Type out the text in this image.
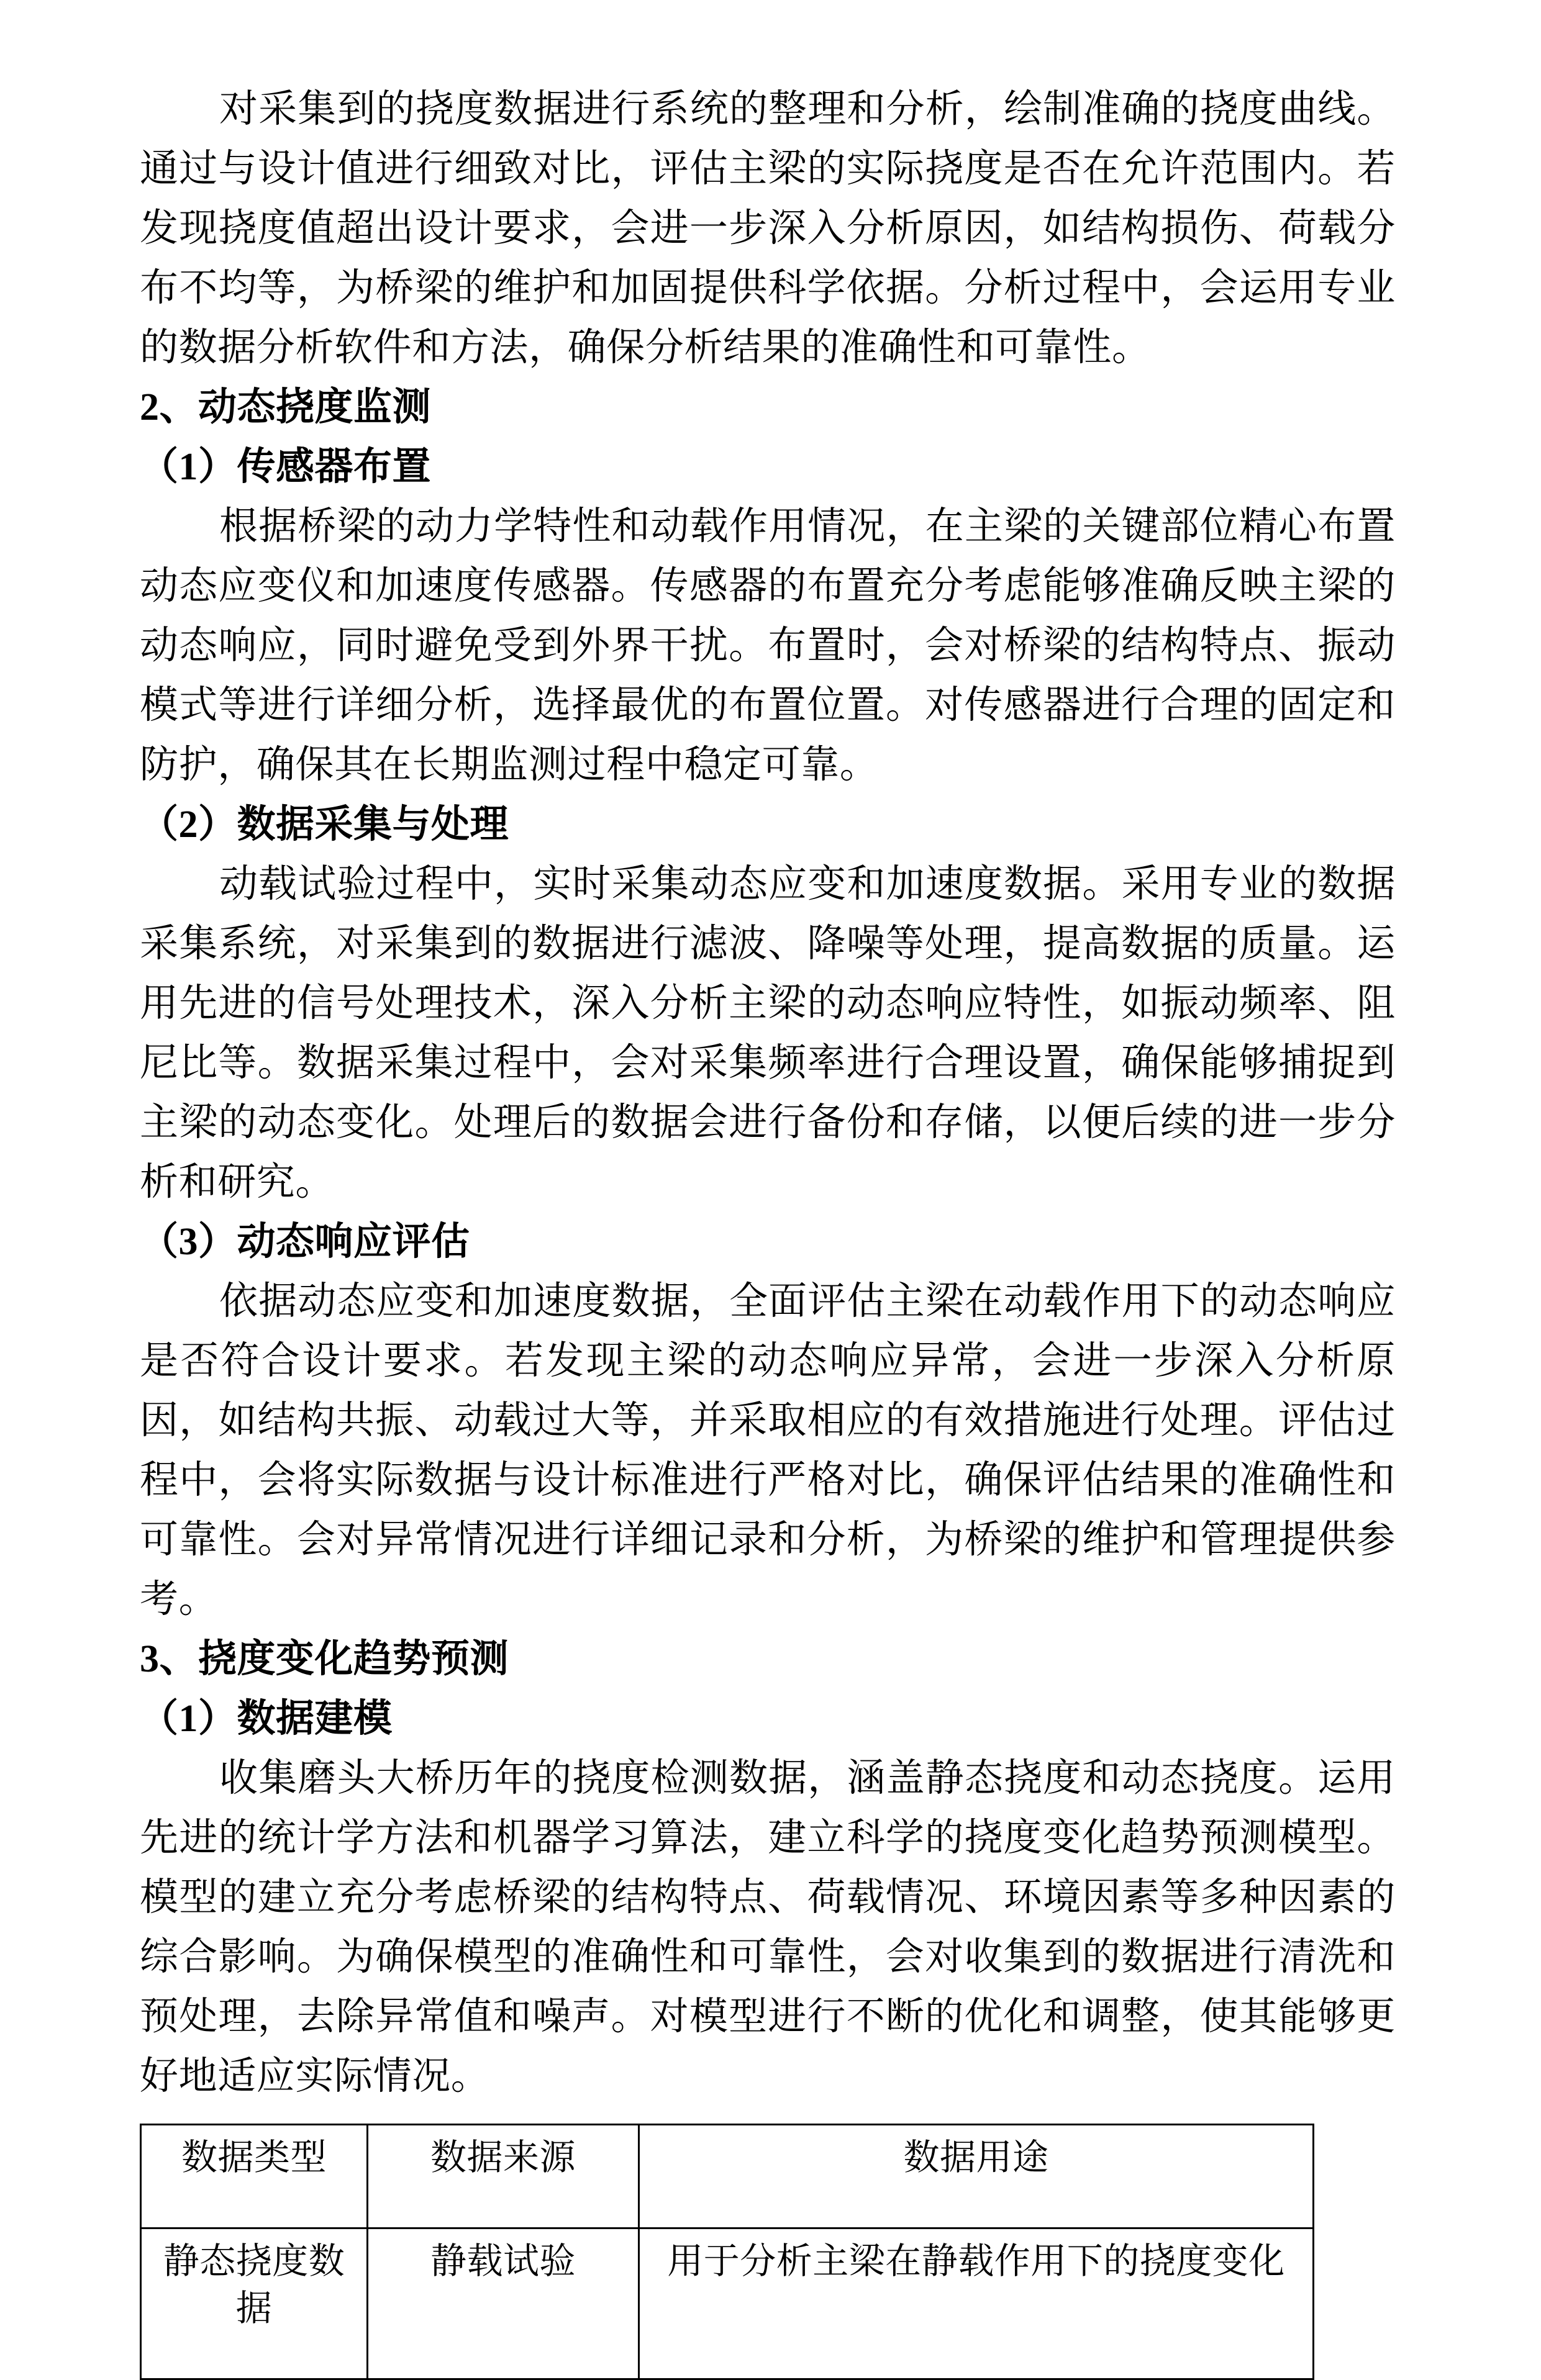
对采集到的挠度数据进行系统的整理和分析，绘制准确的挠度曲线。通过与设计值进行细致对比，评估主梁的实际挠度是否在允许范围内。若发现挠度值超出设计要求，会进一步深入分析原因，如结构损伤、荷载分布不均等，为桥梁的维护和加固提供科学依据。分析过程中，会运用专业的数据分析软件和方法，确保分析结果的准确性和可靠性。

2、动态挠度监测

（1）传感器布置

根据桥梁的动力学特性和动载作用情况，在主梁的关键部位精心布置动态应变仪和加速度传感器。传感器的布置充分考虑能够准确反映主梁的动态响应，同时避免受到外界干扰。布置时，会对桥梁的结构特点、振动模式等进行详细分析，选择最优的布置位置。对传感器进行合理的固定和防护，确保其在长期监测过程中稳定可靠。

（2）数据采集与处理

动载试验过程中，实时采集动态应变和加速度数据。采用专业的数据采集系统，对采集到的数据进行滤波、降噪等处理，提高数据的质量。运用先进的信号处理技术，深入分析主梁的动态响应特性，如振动频率、阻尼比等。数据采集过程中，会对采集频率进行合理设置，确保能够捕捉到主梁的动态变化。处理后的数据会进行备份和存储，以便后续的进一步分析和研究。

（3）动态响应评估

依据动态应变和加速度数据，全面评估主梁在动载作用下的动态响应是否符合设计要求。若发现主梁的动态响应异常，会进一步深入分析原因，如结构共振、动载过大等，并采取相应的有效措施进行处理。评估过程中，会将实际数据与设计标准进行严格对比，确保评估结果的准确性和可靠性。会对异常情况进行详细记录和分析，为桥梁的维护和管理提供参考。

3、挠度变化趋势预测

（1）数据建模

收集磨头大桥历年的挠度检测数据，涵盖静态挠度和动态挠度。运用先进的统计学方法和机器学习算法，建立科学的挠度变化趋势预测模型。模型的建立充分考虑桥梁的结构特点、荷载情况、环境因素等多种因素的综合影响。为确保模型的准确性和可靠性，会对收集到的数据进行清洗和预处理，去除异常值和噪声。对模型进行不断的优化和调整，使其能够更好地适应实际情况。

数据类型	数据来源	数据用途
静态挠度数据	静载试验	用于分析主梁在静载作用下的挠度变化
